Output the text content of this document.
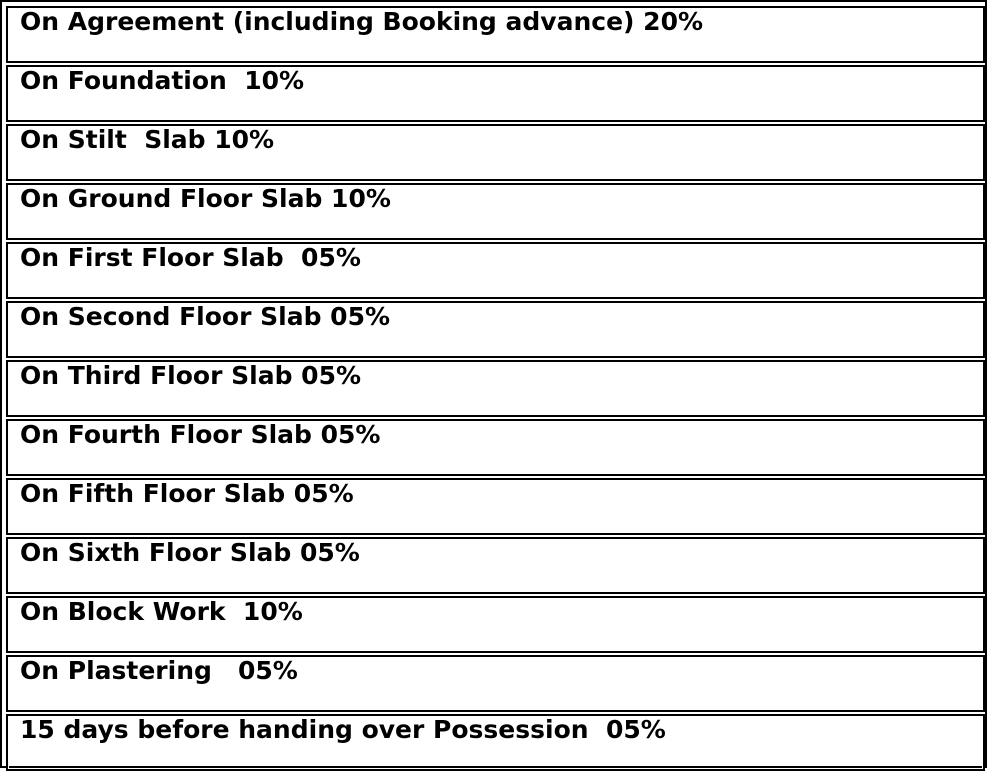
On Agreement (including Booking advance) 20%
On Foundation  10%
On Stilt  Slab 10%
On Ground Floor Slab 10%
On First Floor Slab  05%
On Second Floor Slab 05%
On Third Floor Slab 05%
On Fourth Floor Slab 05%
On Fifth Floor Slab 05%
On Sixth Floor Slab 05%
On Block Work  10%
On Plastering   05%
15 days before handing over Possession  05%
